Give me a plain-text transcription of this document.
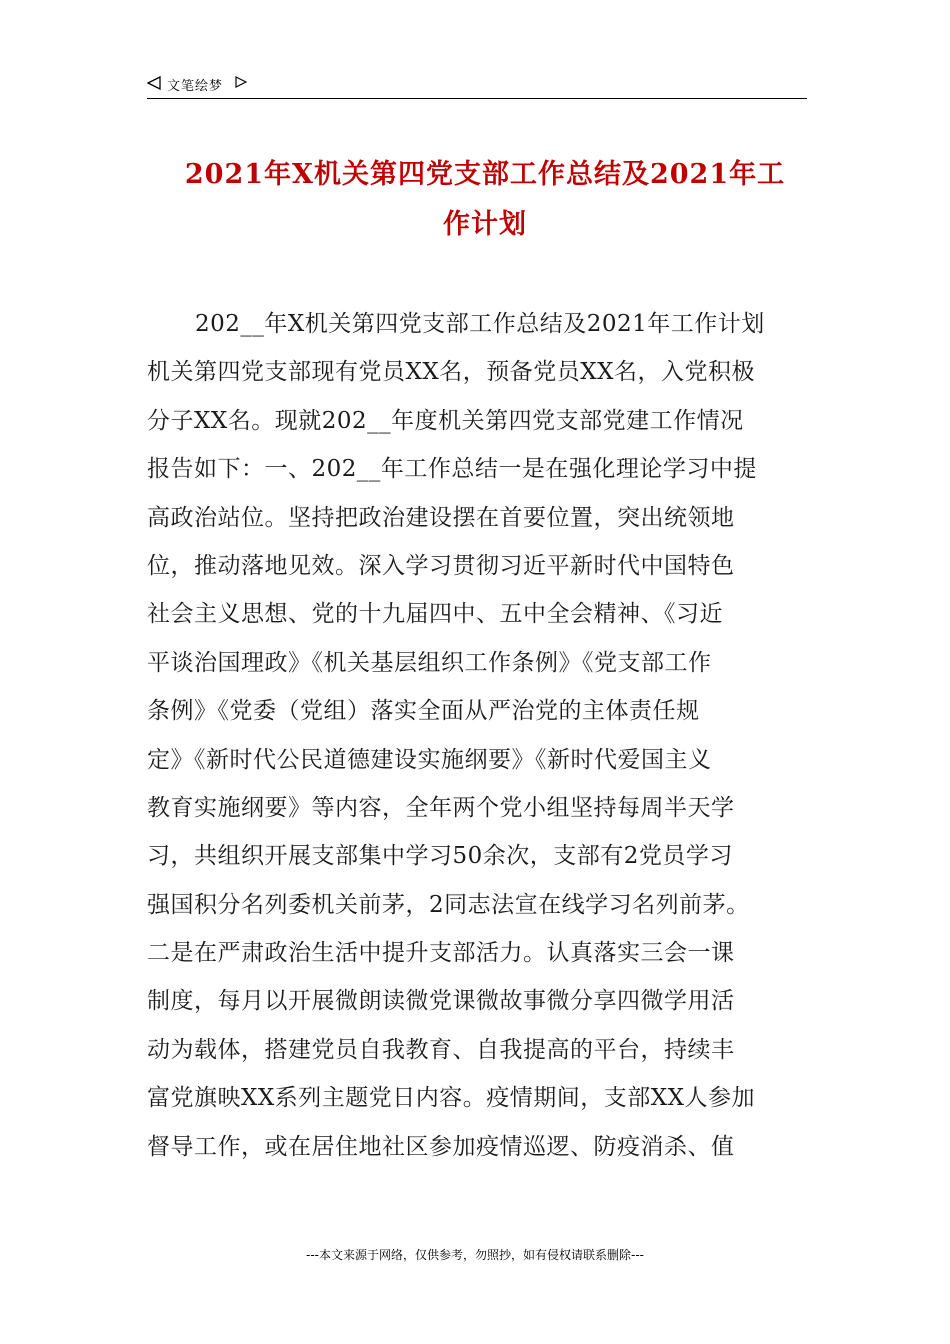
文笔绘梦
2021年X机关第四党支部工作总结及2021年工
作计划
202__年X机关第四党支部工作总结及2021年工作计划
机关第四党支部现有党员XX名，预备党员XX名，入党积极
分子XX名。现就202__年度机关第四党支部党建工作情况
报告如下：一、202__年工作总结一是在强化理论学习中提
高政治站位。坚持把政治建设摆在首要位置，突出统领地
位，推动落地见效。深入学习贯彻习近平新时代中国特色
社会主义思想、党的十九届四中、五中全会精神、《习近
平谈治国理政》《机关基层组织工作条例》《党支部工作
条例》《党委（党组）落实全面从严治党的主体责任规
定》《新时代公民道德建设实施纲要》《新时代爱国主义
教育实施纲要》等内容，全年两个党小组坚持每周半天学
习，共组织开展支部集中学习50余次，支部有2党员学习
强国积分名列委机关前茅，2同志法宣在线学习名列前茅。
二是在严肃政治生活中提升支部活力。认真落实三会一课
制度，每月以开展微朗读微党课微故事微分享四微学用活
动为载体，搭建党员自我教育、自我提高的平台，持续丰
富党旗映XX系列主题党日内容。疫情期间，支部XX人参加
督导工作，或在居住地社区参加疫情巡逻、防疫消杀、值
---本文来源于网络，仅供参考，勿照抄，如有侵权请联系删除---
